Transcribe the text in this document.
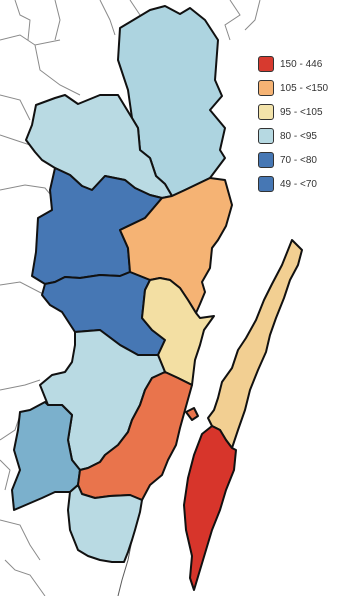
150 - 446
105 - <150
95 - <105
80 - <95
70 - <80
49 - <70
